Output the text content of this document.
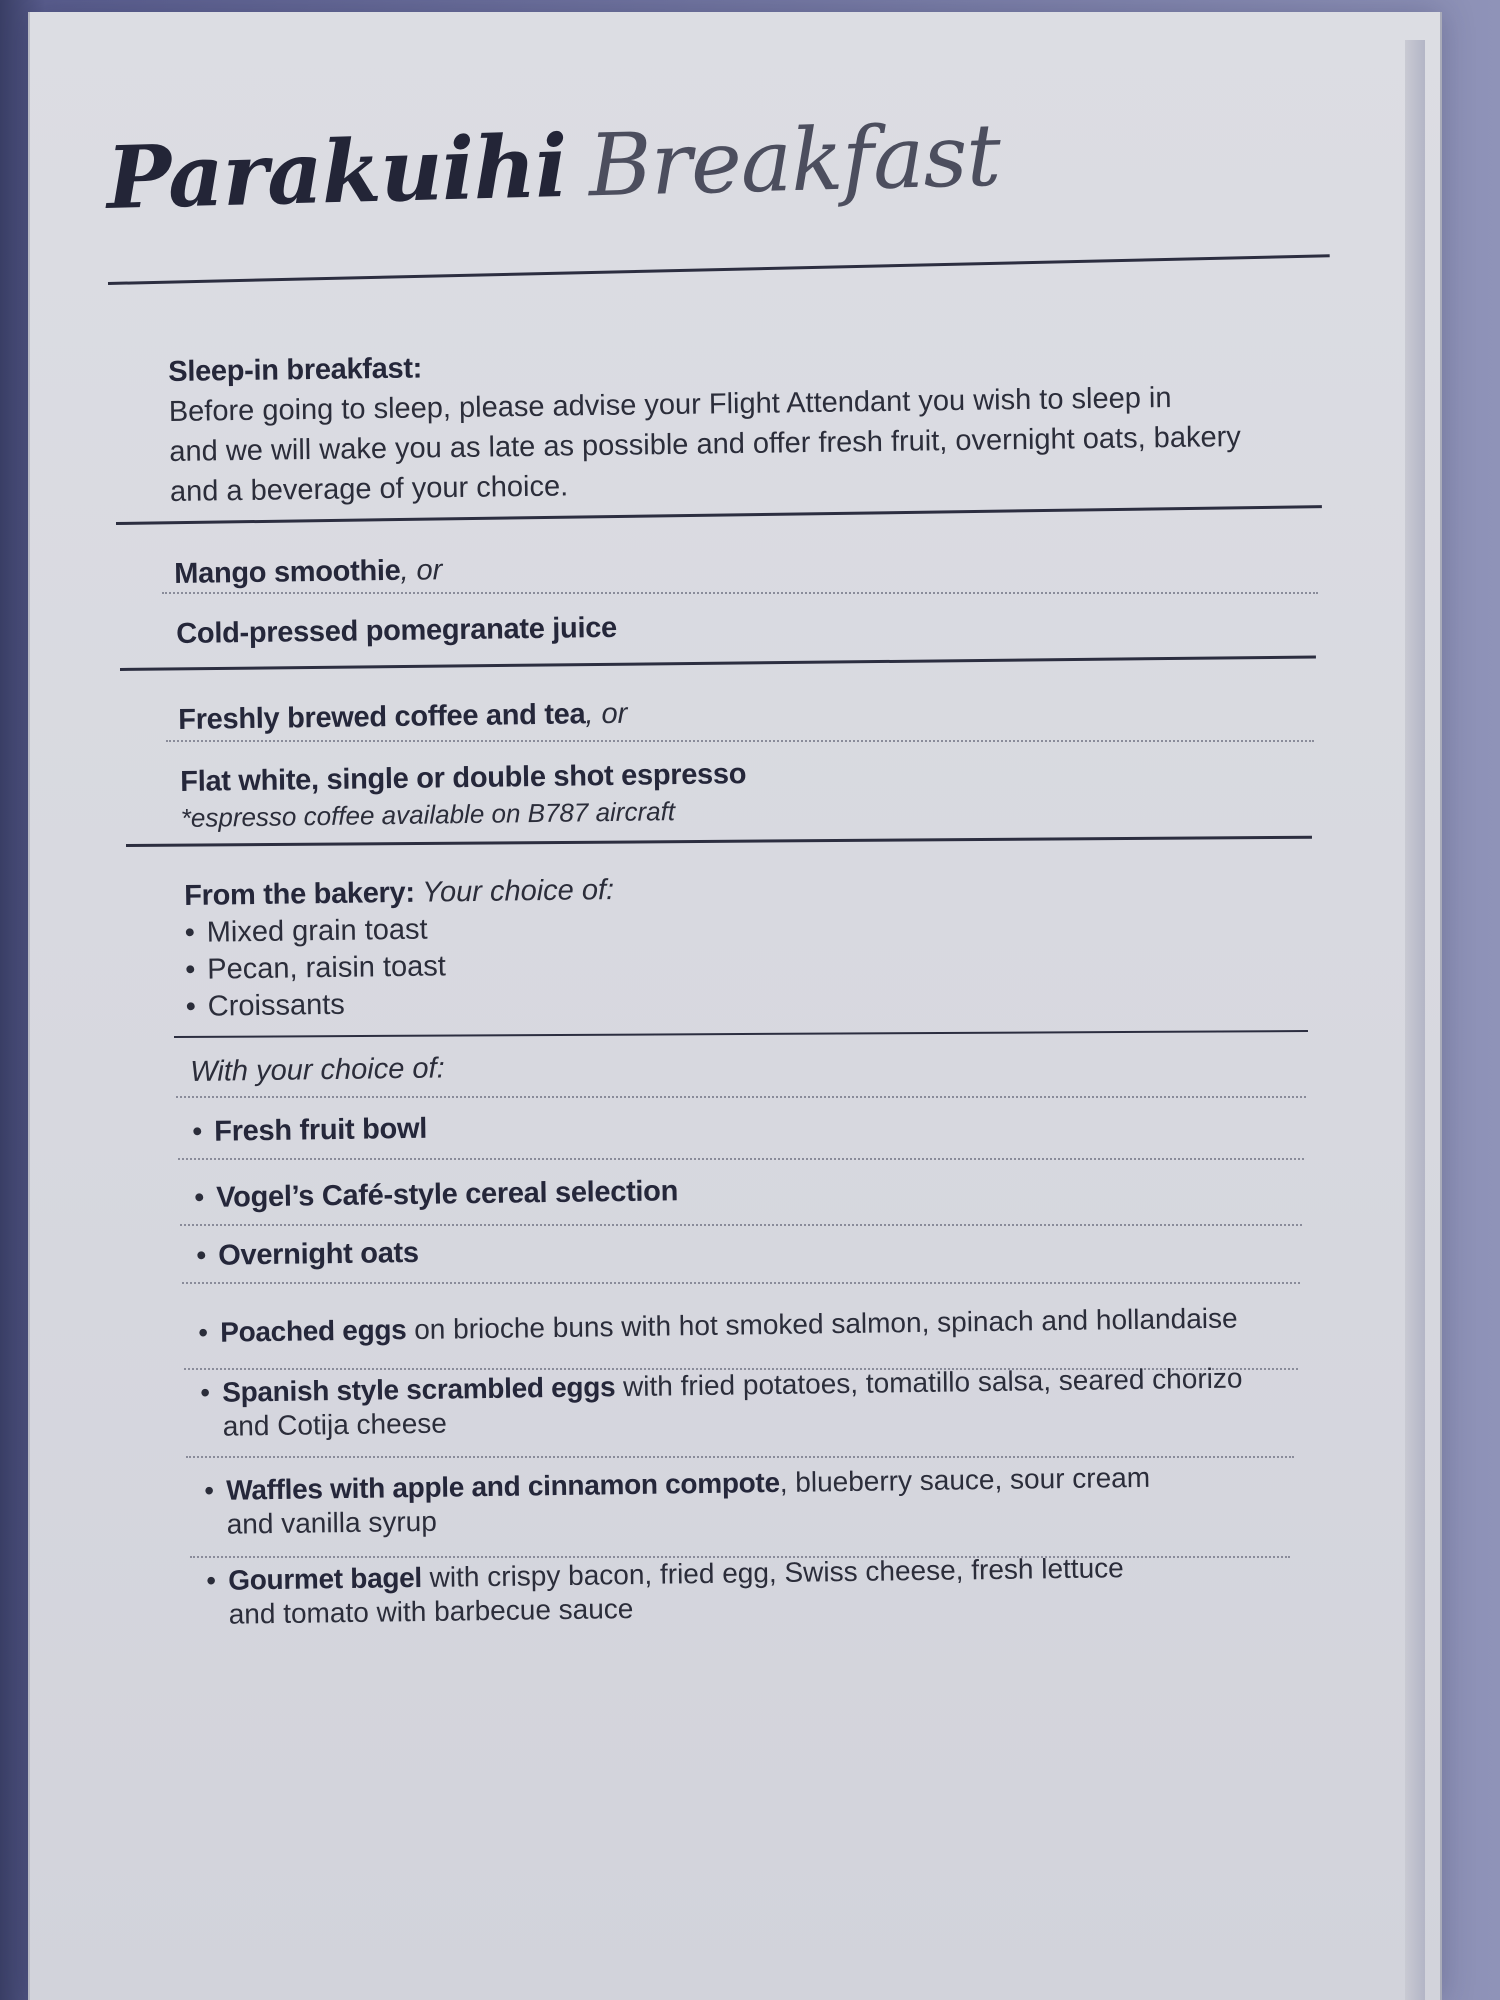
Parakuihi Breakfast
Sleep-in breakfast:
Before going to sleep, please advise your Flight Attendant you wish to sleep in
and we will wake you as late as possible and offer fresh fruit, overnight oats, bakery
and a beverage of your choice.
Mango smoothie, or
Cold-pressed pomegranate juice
Freshly brewed coffee and tea, or
Flat white, single or double shot espresso
*espresso coffee available on B787 aircraft
From the bakery: Your choice of:
• Mixed grain toast
• Pecan, raisin toast
• Croissants
With your choice of:
• Fresh fruit bowl
• Vogel’s Café-style cereal selection
• Overnight oats
• Poached eggs on brioche buns with hot smoked salmon, spinach and hollandaise
• Spanish style scrambled eggs with fried potatoes, tomatillo salsa, seared chorizo
and Cotija cheese
• Waffles with apple and cinnamon compote, blueberry sauce, sour cream
and vanilla syrup
• Gourmet bagel with crispy bacon, fried egg, Swiss cheese, fresh lettuce
and tomato with barbecue sauce
